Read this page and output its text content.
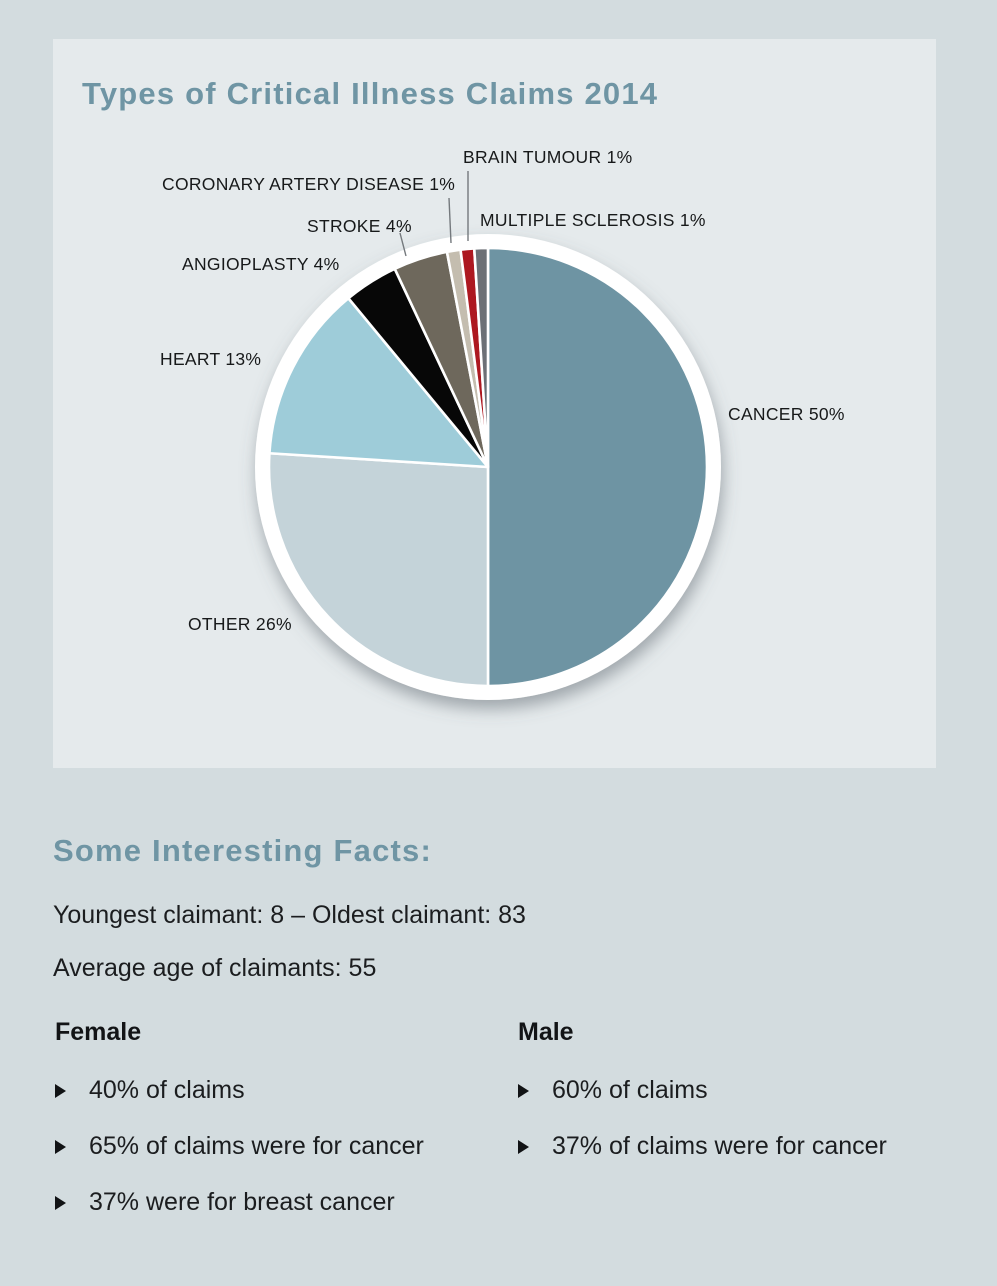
Types of Critical Illness Claims 2014
BRAIN TUMOUR 1%
CORONARY ARTERY DISEASE 1%
STROKE 4%	MULTIPLE SCLEROSIS 1%
ANGIOPLASTY 4%
HEART 13%
CANCER 50%
OTHER 26%
Some Interesting Facts:
Youngest claimant: 8 – Oldest claimant: 83
Average age of claimants: 55
Female
40% of claims
65% of claims were for cancer
37% were for breast cancer
Male
60% of claims
37% of claims were for cancer
